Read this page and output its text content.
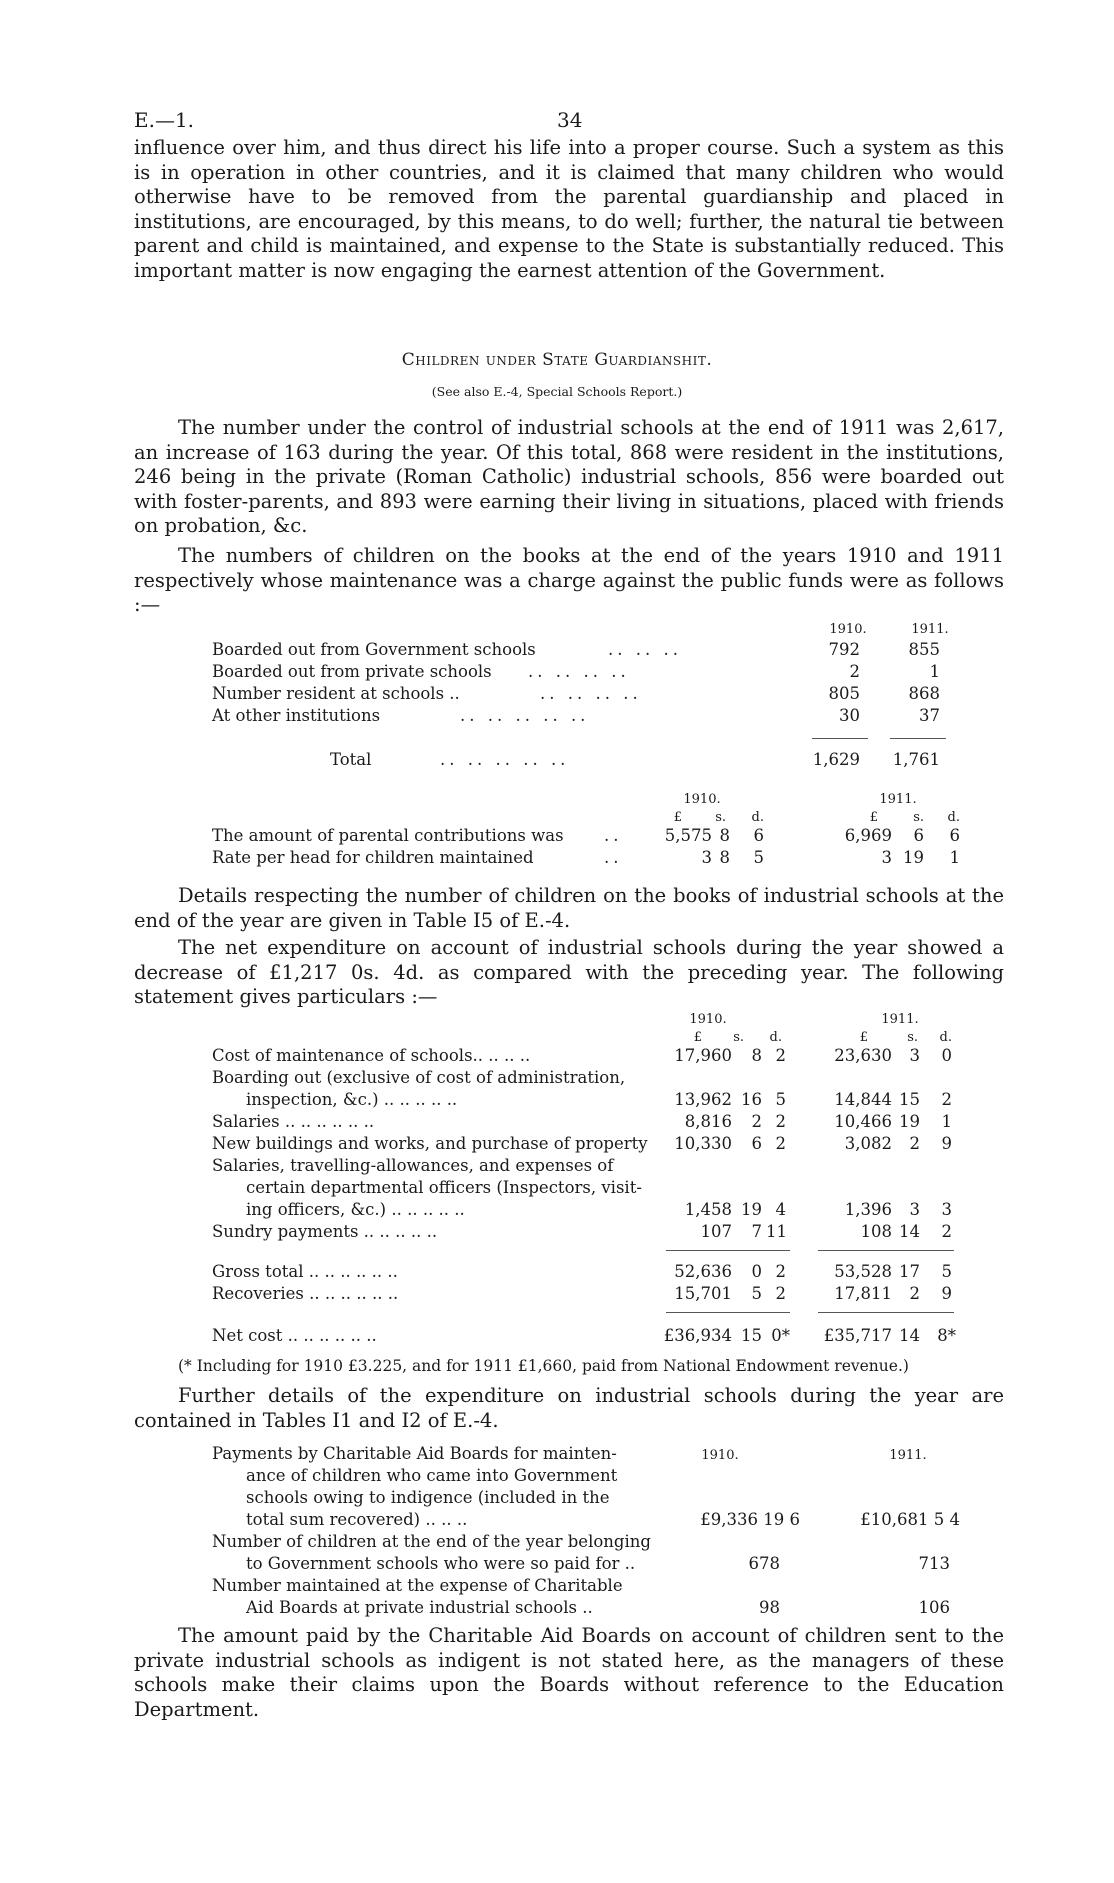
E.—1.	34

influence over him, and thus direct his life into a proper course. Such a system as this is in operation in other countries, and it is claimed that many children who would otherwise have to be removed from the parental guardianship and placed in institutions, are encouraged, by this means, to do well; further, the natural tie between parent and child is maintained, and expense to the State is substantially reduced. This important matter is now engaging the earnest attention of the Government.

Children under State Guardianshit.
(See also E.-4, Special Schools Report.)

The number under the control of industrial schools at the end of 1911 was 2,617, an increase of 163 during the year. Of this total, 868 were resident in the institutions, 246 being in the private (Roman Catholic) industrial schools, 856 were boarded out with foster-parents, and 893 were earning their living in situations, placed with friends on probation, &c.

The numbers of children on the books at the end of the years 1910 and 1911 respectively whose maintenance was a charge against the public funds were as follows :—

1910.	1911.
Boarded out from Government schools	.. .. ..	792	855
Boarded out from private schools .. .. .. ..	2	1
Number resident at schools ..	.. .. .. ..	805	868
At other institutions	.. .. .. .. ..	30	37
Total	.. .. .. .. ..	1,629	1,761
1910.	1911.
£	s.	d.	£	s.	d.
The amount of parental contributions was ..	5,575 8	6	6,969	6	6
Rate per head for children maintained	..	3 8	5	3 19	1

Details respecting the number of children on the books of industrial schools at the end of the year are given in Table I5 of E.-4.

The net expenditure on account of industrial schools during the year showed a decrease of £1,217 0s. 4d. as compared with the preceding year. The following statement gives particulars :—

1910.	1911.
£	s.	d.	£	s.	d.
Cost of maintenance of schools.. .. .. ..	17,960	8 2	23,630	3	0
Boarding out (exclusive of cost of administration,
inspection, &c.) .. .. .. .. ..	13,962 16 5	14,844 15	2
Salaries .. .. .. .. .. ..	8,816	2 2	10,466 19	1
New buildings and works, and purchase of property	10,330	6 2	3,082	2	9
Salaries, travelling-allowances, and expenses of
certain departmental officers (Inspectors, visit-
ing officers, &c.) .. .. .. .. ..	1,458 19 4	1,396	3	3
Sundry payments .. .. .. .. ..	107	7 11	108 14	2
Gross total .. .. .. .. .. ..	52,636	0 2	53,528 17	5
Recoveries .. .. .. .. .. ..	15,701	5 2	17,811	2	9
Net cost .. .. .. .. .. ..	£36,934 15 0*	£35,717 14	8*
(* Including for 1910 £3.225, and for 1911 £1,660, paid from National Endowment revenue.)

Further details of the expenditure on industrial schools during the year are contained in Tables I1 and I2 of E.-4.

1910.	1911.
Payments by Charitable Aid Boards for mainten-
ance of children who came into Government
schools owing to indigence (included in the
total sum recovered) .. .. ..	£9,336 19 6	£10,681 5 4
Number of children at the end of the year belonging
to Government schools who were so paid for ..	678	713
Number maintained at the expense of Charitable
Aid Boards at private industrial schools ..	98	106

The amount paid by the Charitable Aid Boards on account of children sent to the private industrial schools as indigent is not stated here, as the managers of these schools make their claims upon the Boards without reference to the Education Department.
